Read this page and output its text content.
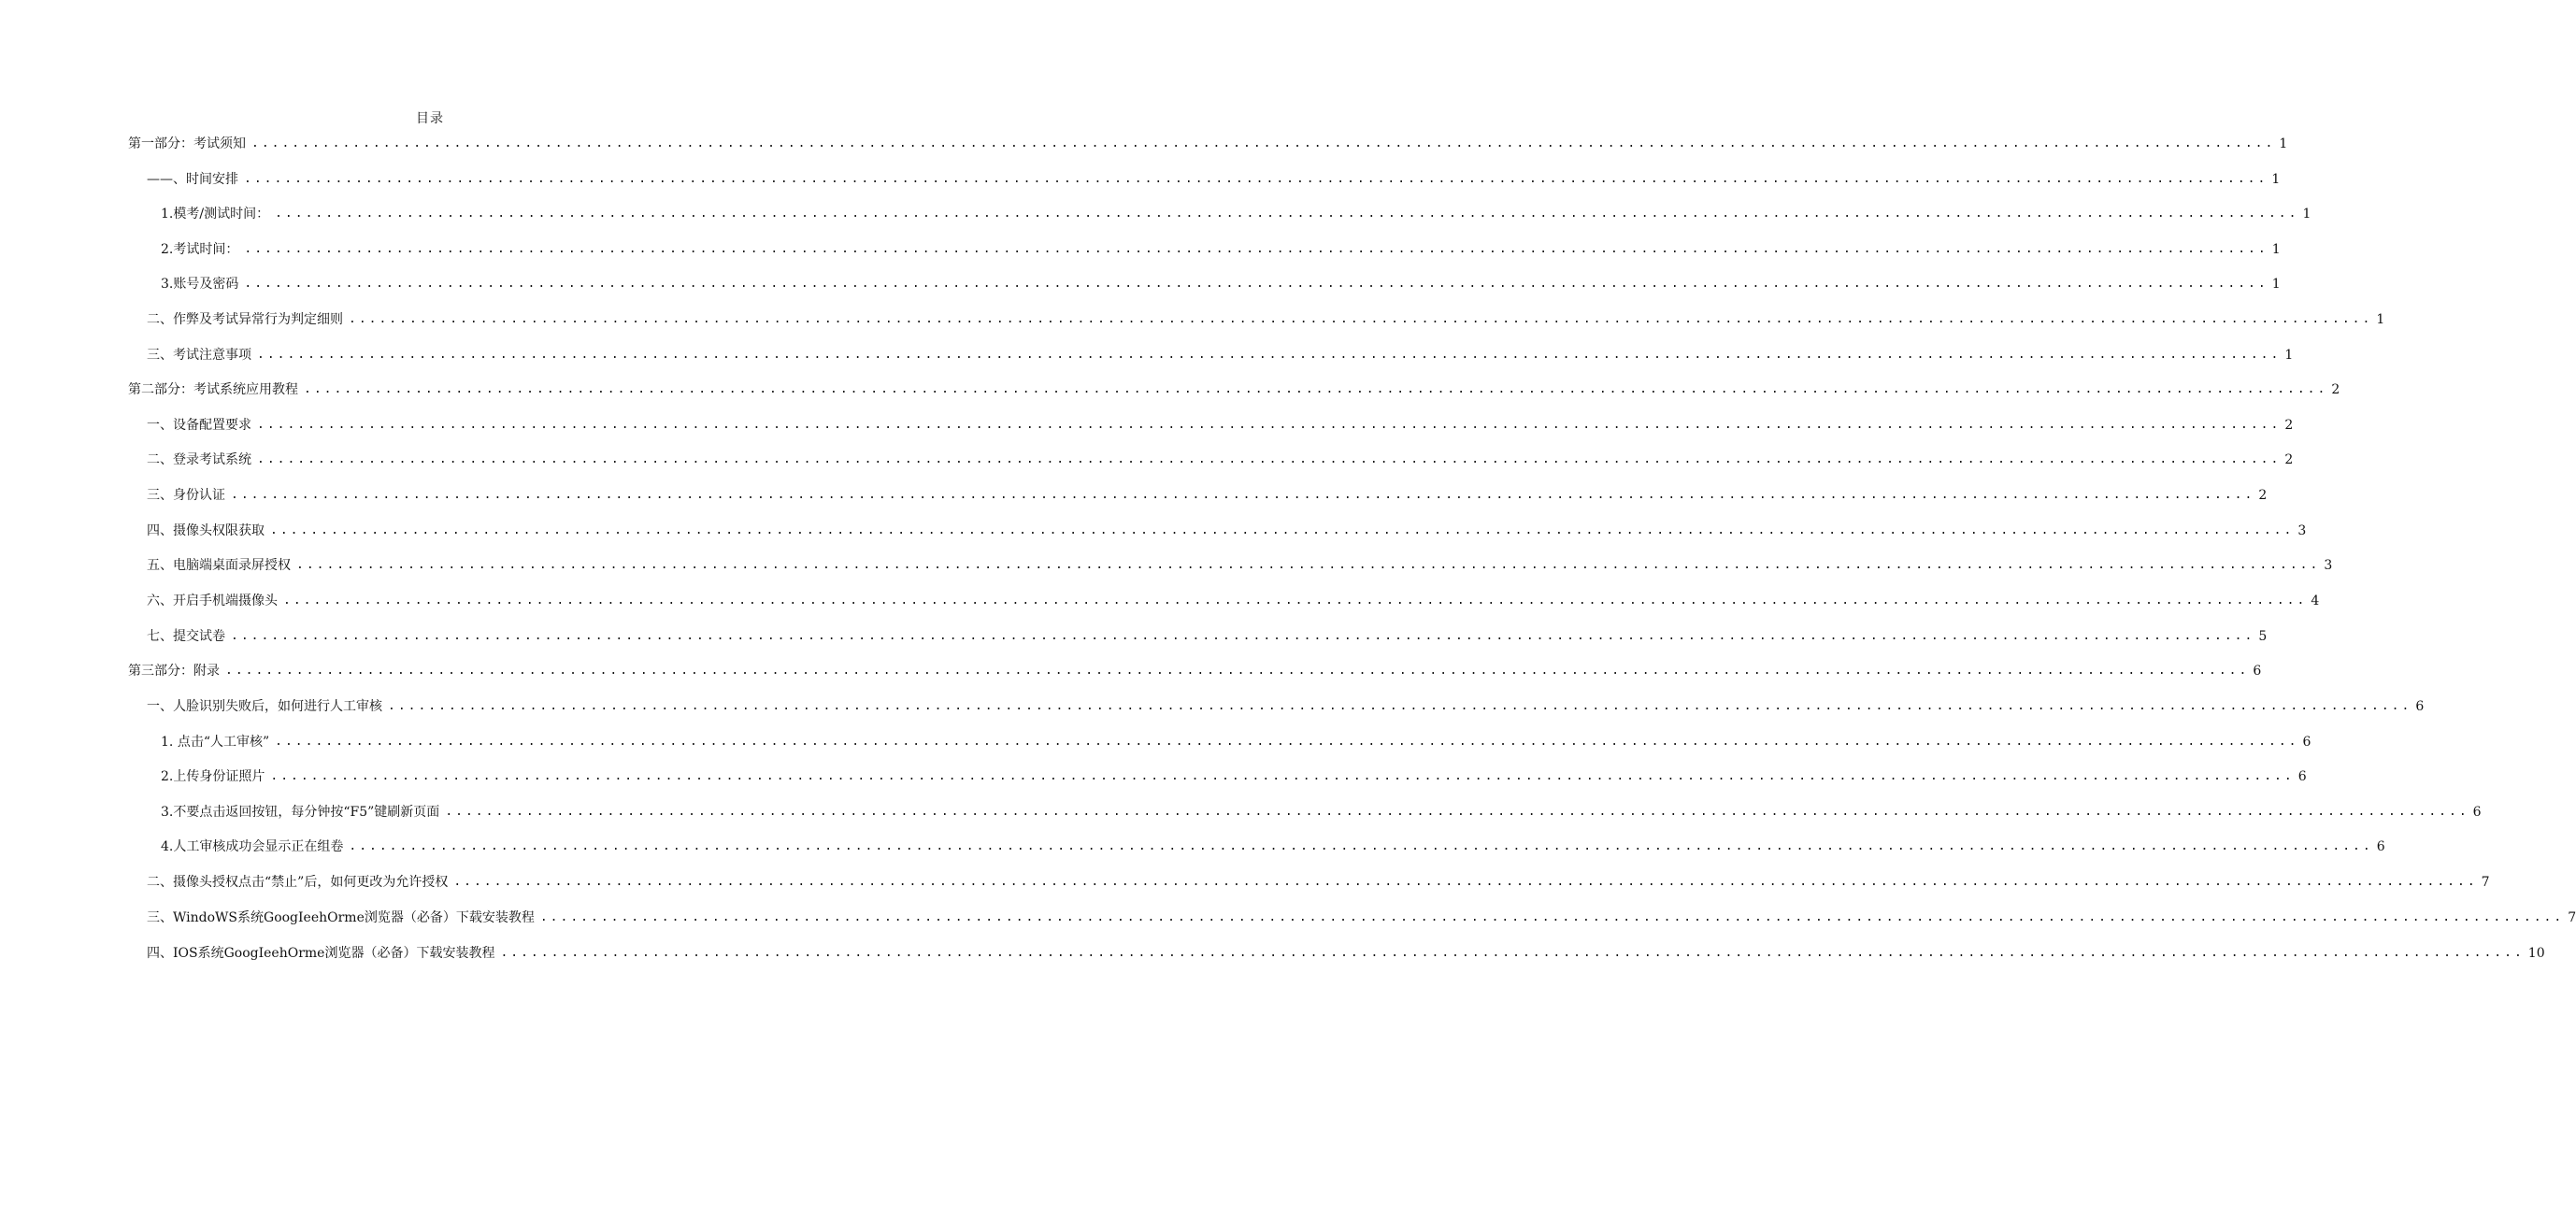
目录
第一部分：考试须知 ........................................................................................................................................................................................................ 1
——、时间安排 ........................................................................................................................................................................................................ 1
1 .模考/测试时间： ........................................................................................................................................................................................................ 1
2 .考试时间： ........................................................................................................................................................................................................ 1
3 .账号及密码 ........................................................................................................................................................................................................ 1
二、作弊及考试异常行为判定细则 ........................................................................................................................................................................................................ 1
三、考试注意事项 ........................................................................................................................................................................................................ 1
第二部分：考试系统应用教程 ........................................................................................................................................................................................................ 2
一、设备配置要求 ........................................................................................................................................................................................................ 2
二、登录考试系统 ........................................................................................................................................................................................................ 2
三、身份认证 ........................................................................................................................................................................................................ 2
四、摄像头权限获取 ........................................................................................................................................................................................................ 3
五、电脑端桌面录屏授权 ........................................................................................................................................................................................................ 3
六、开启手机端摄像头 ........................................................................................................................................................................................................ 4
七、提交试卷 ........................................................................................................................................................................................................ 5
第三部分：附录 ........................................................................................................................................................................................................ 6
一、人脸识别失败后，如何进行人工审核 ........................................................................................................................................................................................................ 6
1 . 点击“人工审核” ........................................................................................................................................................................................................ 6
2 .上传身份证照片 ........................................................................................................................................................................................................ 6
3 .不要点击返回按钮，每分钟按“F5”键刷新页面 ........................................................................................................................................................................................................ 6
4 .人工审核成功会显示正在组卷 ........................................................................................................................................................................................................ 6
二、摄像头授权点击“禁止”后，如何更改为允许授权 ........................................................................................................................................................................................................ 7
三、WindoWS系统GoogIeehOrme浏览器（必备）下载安装教程 ........................................................................................................................................................................................................ 7
四、IOS系统GoogIeehOrme浏览器（必备）下载安装教程 ........................................................................................................................................................................................................ 10
